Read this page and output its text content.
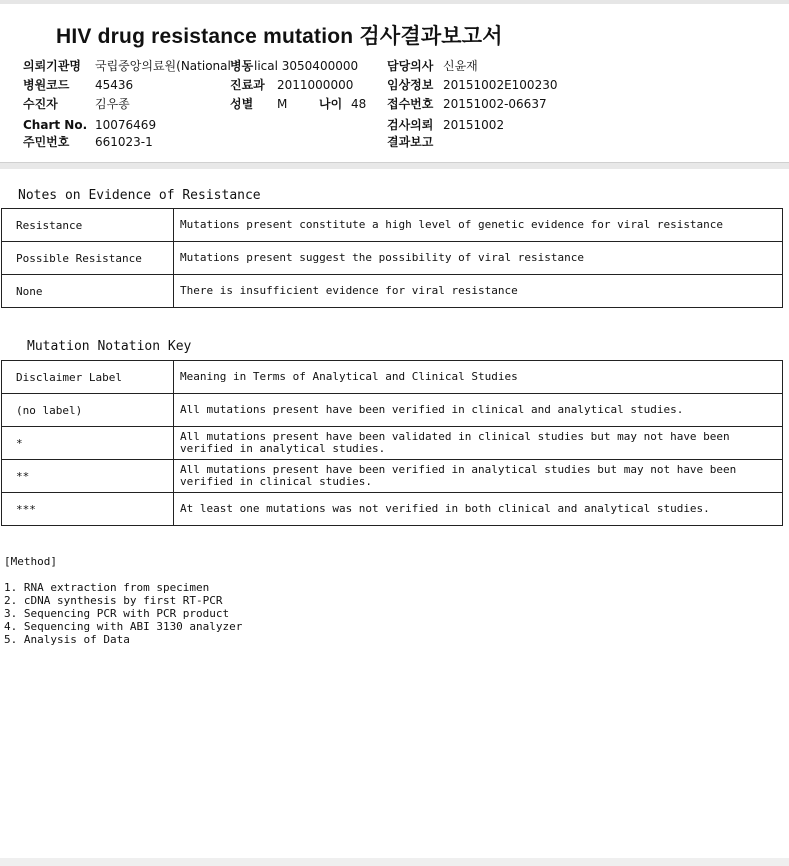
HIV drug resistance mutation 검사결과보고서
의뢰기관명 국립중앙의료원(National 병동 lical 3050400000 담당의사 신윤재
병원코드 45436	진료과 2011000000	임상정보 20151002E100230
수진자	김우종	성별 M	나이 48 접수번호 20151002-06637
Chart No. 10076469	검사의뢰 20151002
주민번호 661023-1	결과보고
Notes on Evidence of Resistance
Resistance	Mutations present constitute a high level of genetic evidence for viral resistance
Possible Resistance	Mutations present suggest the possibility of viral resistance
None	There is insufficient evidence for viral resistance
Mutation Notation Key
Disclaimer Label	Meaning in Terms of Analytical and Clinical Studies
(no label)	All mutations present have been verified in clinical and analytical studies.
*	All mutations present have been validated in clinical studies but may not have been verified in analytical studies.
**	All mutations present have been verified in analytical studies but may not have been verified in clinical studies.
***	At least one mutations was not verified in both clinical and analytical studies.
[Method]
1. RNA extraction from specimen
2. cDNA synthesis by first RT-PCR
3. Sequencing PCR with PCR product
4. Sequencing with ABI 3130 analyzer
5. Analysis of Data
